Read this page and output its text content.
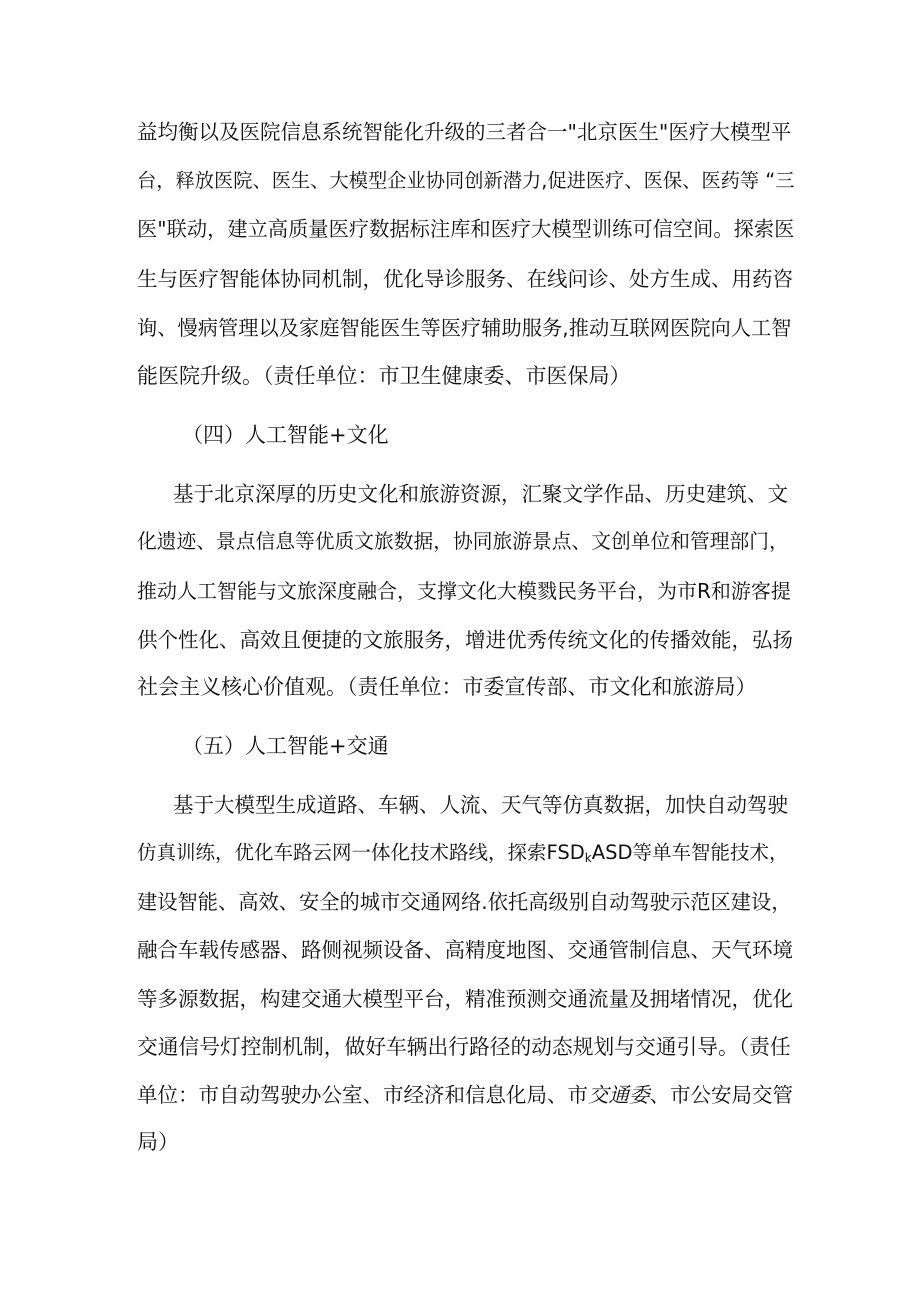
益均衡以及医院信息系统智能化升级的三者合一"北京医生"医疗大模型平

台，释放医院、医生、大模型企业协同创新潜力,促进医疗、医保、医药等 “三

医"联动，建立高质量医疗数据标注库和医疗大模型训练可信空间。探索医

生与医疗智能体协同机制，优化导诊服务、在线问诊、处方生成、用药咨

询、慢病管理以及家庭智能医生等医疗辅助服务,推动互联网医院向人工智

能医院升级。（责任单位：市卫生健康委、市医保局）

（四）人工智能+文化

基于北京深厚的历史文化和旅游资源，汇聚文学作品、历史建筑、文

化遗迹、景点信息等优质文旅数据，协同旅游景点、文创单位和管理部门，

推动人工智能与文旅深度融合，支撑文化大模戮民务平台，为市R和游客提

供个性化、高效且便捷的文旅服务，增进优秀传统文化的传播效能，弘扬

社会主义核心价值观。（责任单位：市委宣传部、市文化和旅游局）

（五）人工智能+交通

基于大模型生成道路、车辆、人流、天气等仿真数据，加快自动驾驶

仿真训练，优化车路云网一体化技术路线，探索$FSD_kASD$等单车智能技术，

建设智能、高效、安全的城市交通网络.依托高级别自动驾驶示范区建设，

融合车载传感器、路侧视频设备、高精度地图、交通管制信息、天气环境

等多源数据，构建交通大模型平台，精准预测交通流量及拥堵情况，优化

交通信号灯控制机制，做好车辆出行路径的动态规划与交通引导。（责任

单位：市自动驾驶办公室、市经济和信息化局、市交通委、市公安局交管

局）
